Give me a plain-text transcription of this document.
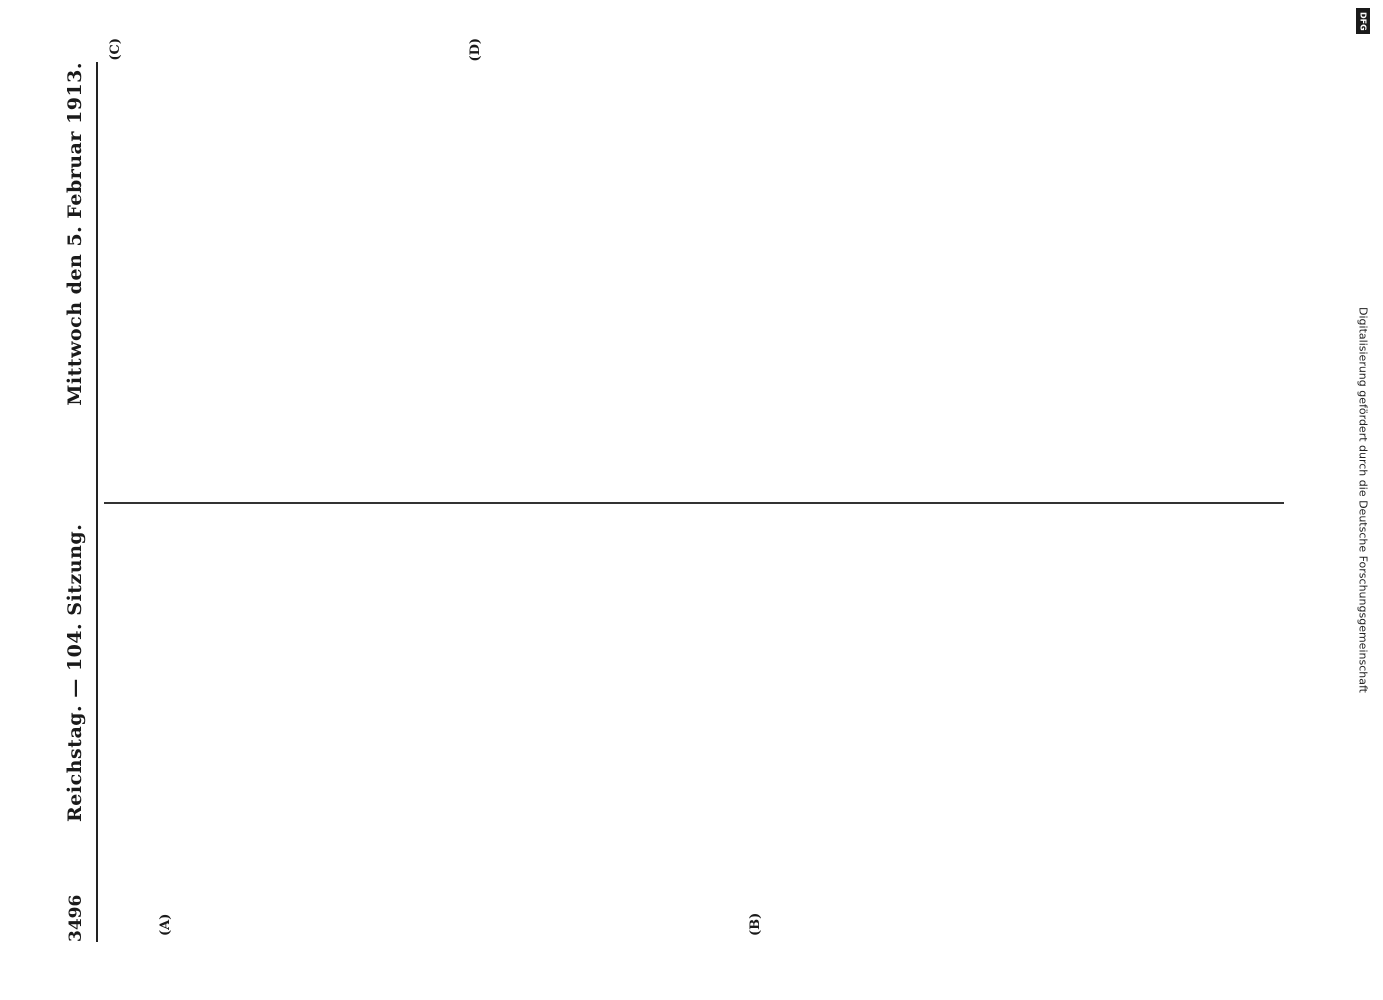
3496
Reichstag. — 104. Sitzung.
Mittwoch den 5. Februar 1913.
(A)	(B)
(C)	(D)
DFG
Digitalisierung gefördert durch die Deutsche Forschungsgemeinschaft
